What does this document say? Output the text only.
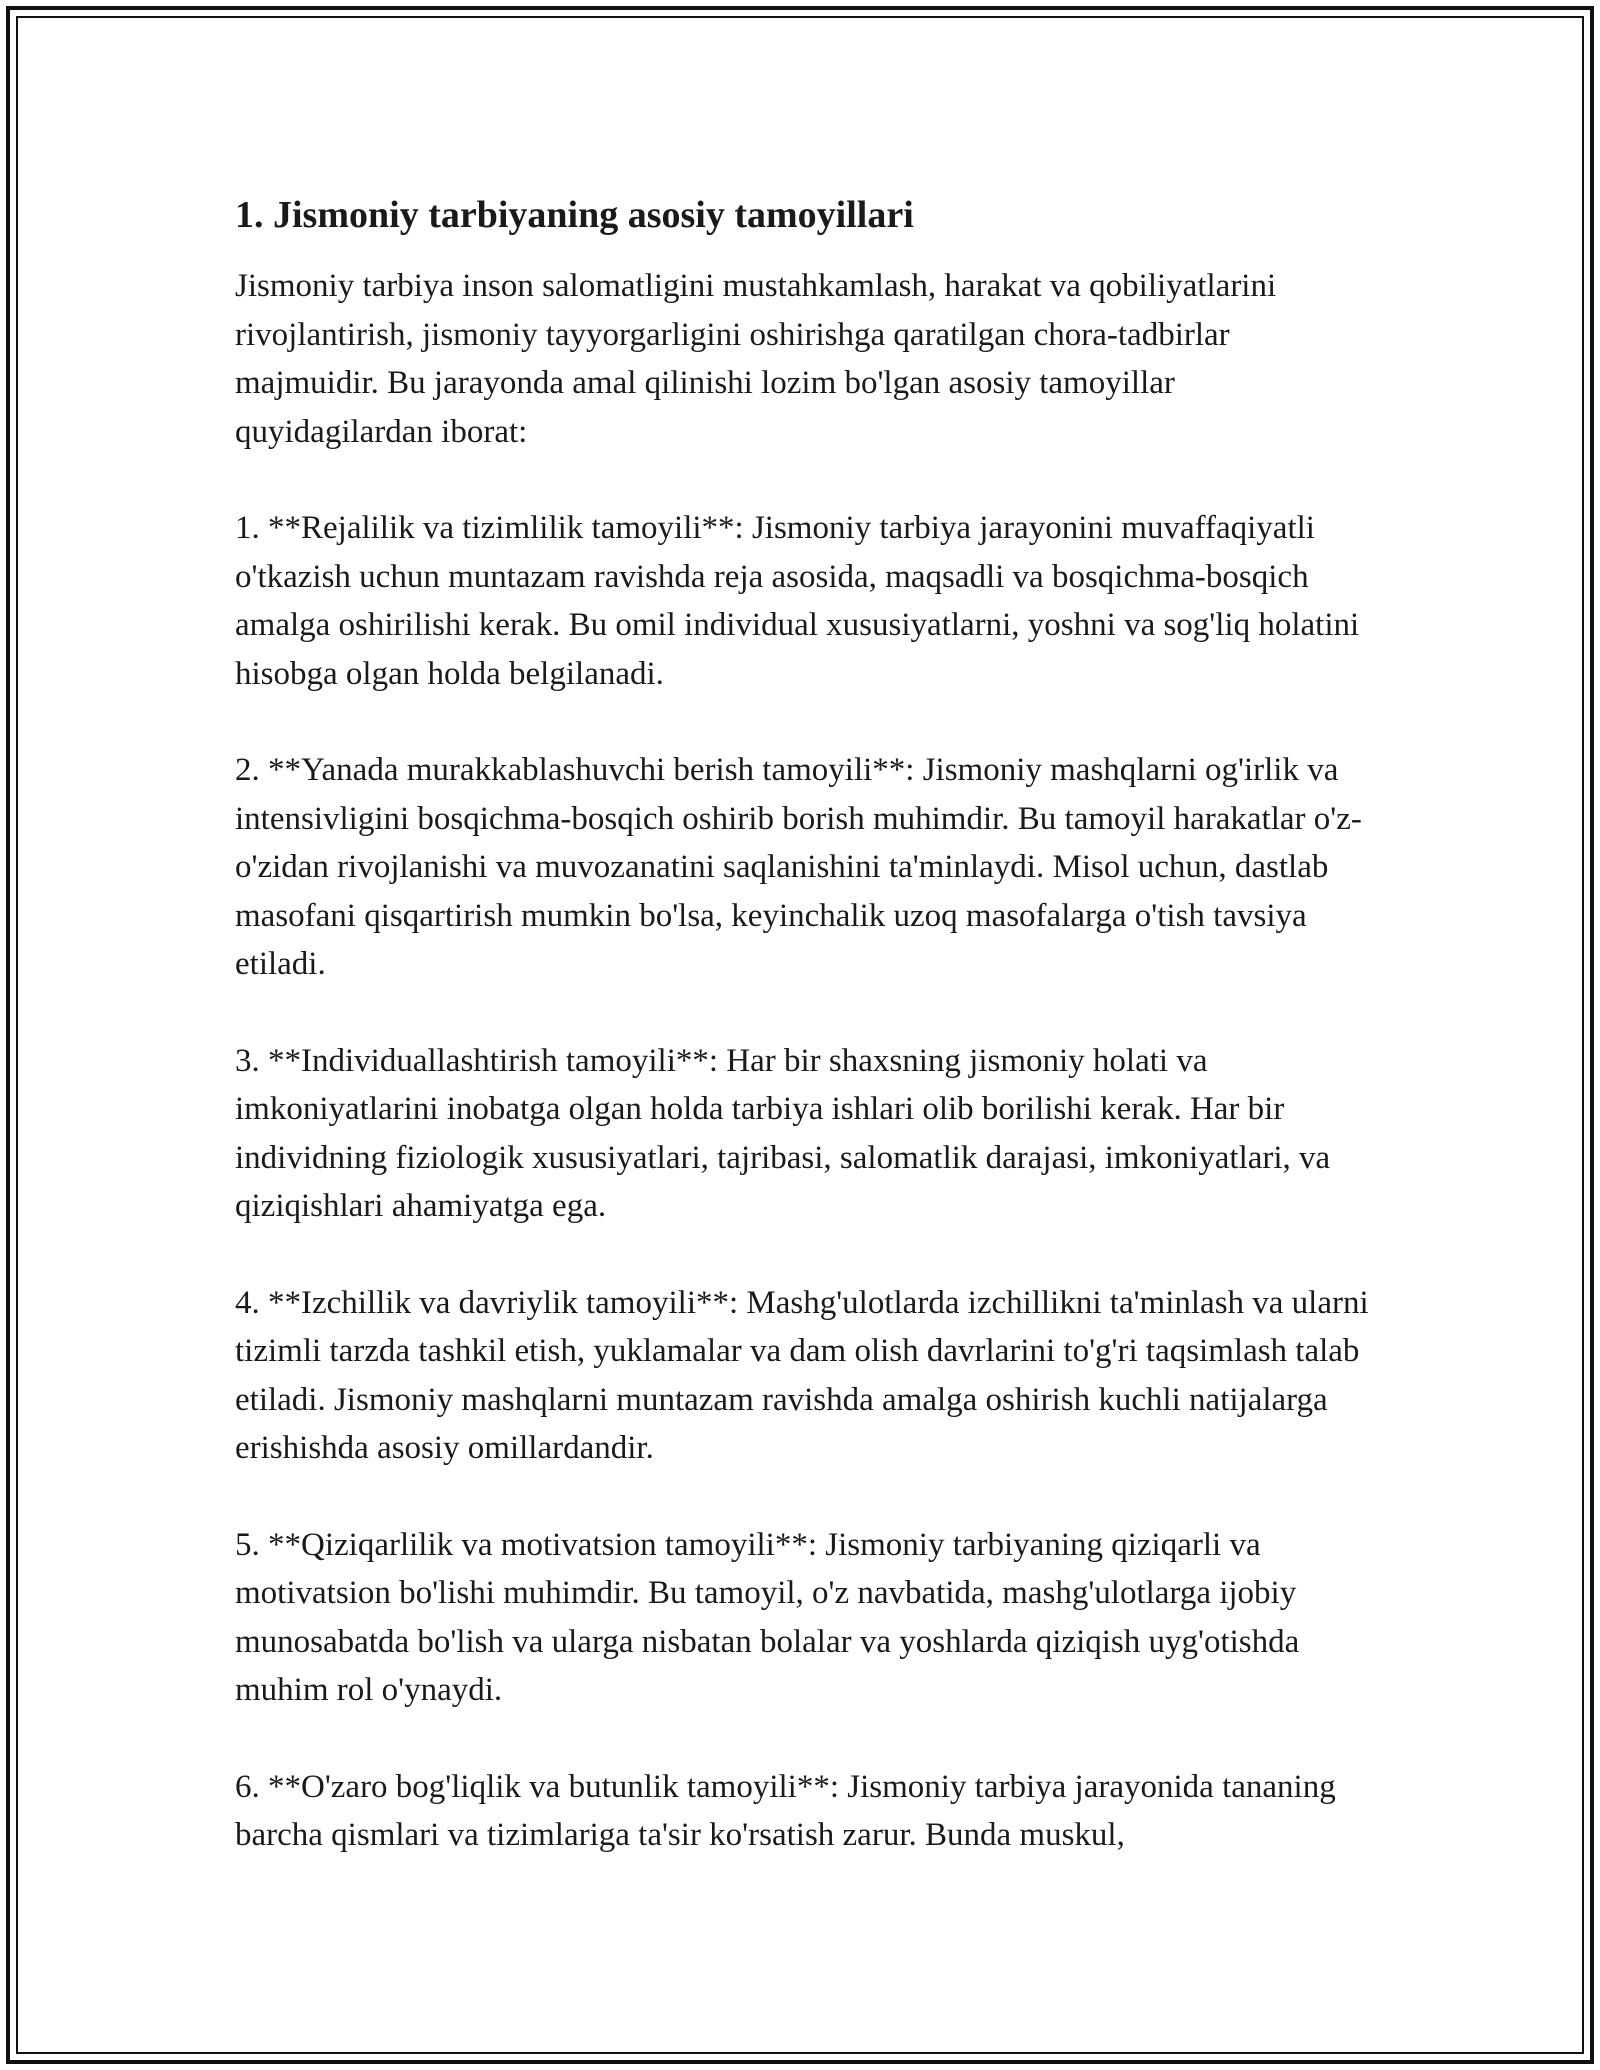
1. Jismoniy tarbiyaning asosiy tamoyillari

Jismoniy tarbiya inson salomatligini mustahkamlash, harakat va qobiliyatlarini rivojlantirish, jismoniy tayyorgarligini oshirishga qaratilgan chora-tadbirlar majmuidir. Bu jarayonda amal qilinishi lozim bo'lgan asosiy tamoyillar quyidagilardan iborat:

1. **Rejalilik va tizimlilik tamoyili**: Jismoniy tarbiya jarayonini muvaffaqiyatli o'tkazish uchun muntazam ravishda reja asosida, maqsadli va bosqichma-bosqich amalga oshirilishi kerak. Bu omil individual xususiyatlarni, yoshni va sog'liq holatini hisobga olgan holda belgilanadi.

2. **Yanada murakkablashuvchi berish tamoyili**: Jismoniy mashqlarni og'irlik va intensivligini bosqichma-bosqich oshirib borish muhimdir. Bu tamoyil harakatlar o'z-o'zidan rivojlanishi va muvozanatini saqlanishini ta'minlaydi. Misol uchun, dastlab masofani qisqartirish mumkin bo'lsa, keyinchalik uzoq masofalarga o'tish tavsiya etiladi.

3. **Individuallashtirish tamoyili**: Har bir shaxsning jismoniy holati va imkoniyatlarini inobatga olgan holda tarbiya ishlari olib borilishi kerak. Har bir individning fiziologik xususiyatlari, tajribasi, salomatlik darajasi, imkoniyatlari, va qiziqishlari ahamiyatga ega.

4. **Izchillik va davriylik tamoyili**: Mashg'ulotlarda izchillikni ta'minlash va ularni tizimli tarzda tashkil etish, yuklamalar va dam olish davrlarini to'g'ri taqsimlash talab etiladi. Jismoniy mashqlarni muntazam ravishda amalga oshirish kuchli natijalarga erishishda asosiy omillardandir.

5. **Qiziqarlilik va motivatsion tamoyili**: Jismoniy tarbiyaning qiziqarli va motivatsion bo'lishi muhimdir. Bu tamoyil, o'z navbatida, mashg'ulotlarga ijobiy munosabatda bo'lish va ularga nisbatan bolalar va yoshlarda qiziqish uyg'otishda muhim rol o'ynaydi.

6. **O'zaro bog'liqlik va butunlik tamoyili**: Jismoniy tarbiya jarayonida tananing barcha qismlari va tizimlariga ta'sir ko'rsatish zarur. Bunda muskul,
